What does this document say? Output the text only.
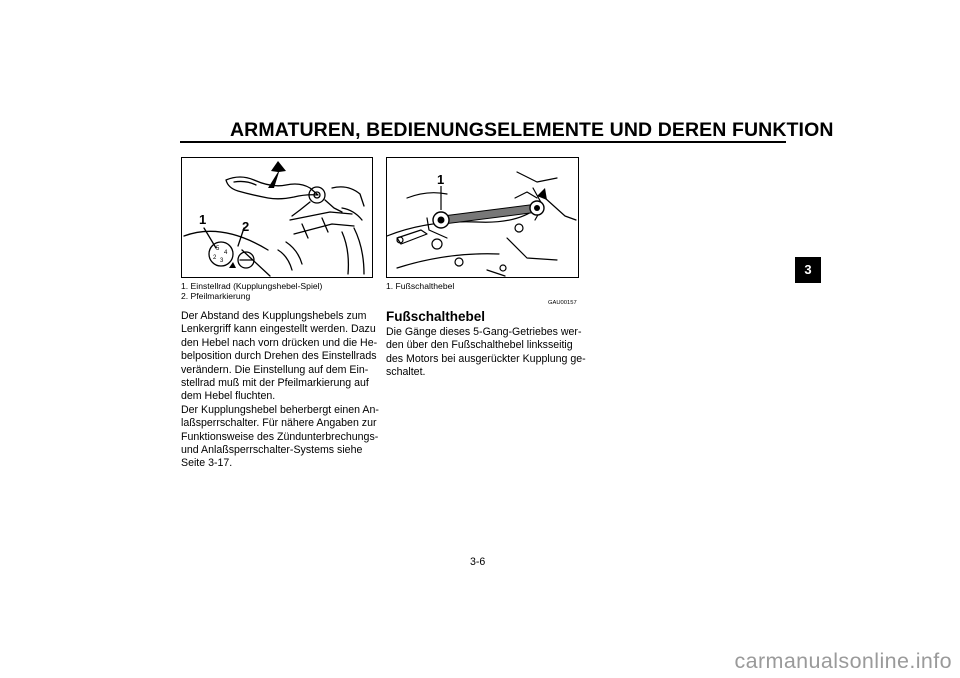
ARMATUREN, BEDIENUNGSELEMENTE UND DEREN FUNKTION
5
4
2 3
1	2
1
1. Einstellrad (Kupplungshebel-Spiel)
2. Pfeilmarkierung
Der Abstand des Kupplungshebels zum
Lenkergriff kann eingestellt werden. Dazu
den Hebel nach vorn drücken und die He-
belposition durch Drehen des Einstellrads
verändern. Die Einstellung auf dem Ein-
stellrad muß mit der Pfeilmarkierung auf
dem Hebel fluchten.
Der Kupplungshebel beherbergt einen An-
laßsperrschalter. Für nähere Angaben zur
Funktionsweise des Zündunterbrechungs-
und Anlaßsperrschalter-Systems siehe
Seite 3-17.
1. Fußschalthebel
GAU00157
Fußschalthebel
Die Gänge dieses 5-Gang-Getriebes wer-
den über den Fußschalthebel linksseitig
des Motors bei ausgerückter Kupplung ge-
schaltet.
3
3-6
carmanualsonline.info
